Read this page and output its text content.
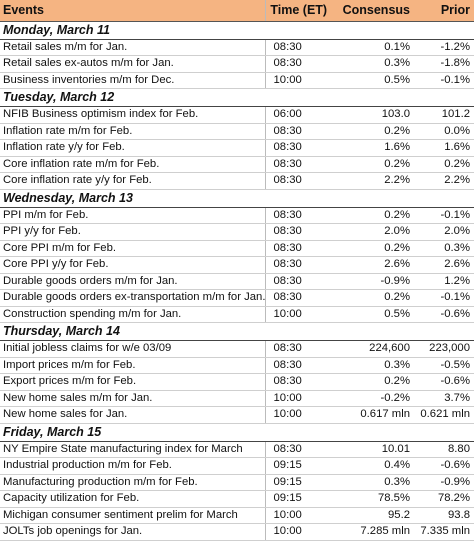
Events	Time (ET)	Consensus	Prior
Monday, March 11			
Retail sales m/m for Jan.	08:30	0.1%	-1.2%
Retail sales ex-autos m/m for Jan.	08:30	0.3%	-1.8%
Business inventories m/m for Dec.	10:00	0.5%	-0.1%
Tuesday, March 12			
NFIB Business optimism index for Feb.	06:00	103.0	101.2
Inflation rate m/m for Feb.	08:30	0.2%	0.0%
Inflation rate y/y for Feb.	08:30	1.6%	1.6%
Core inflation rate m/m for Feb.	08:30	0.2%	0.2%
Core inflation rate y/y for Feb.	08:30	2.2%	2.2%
Wednesday, March 13			
PPI m/m for Feb.	08:30	0.2%	-0.1%
PPI y/y for Feb.	08:30	2.0%	2.0%
Core PPI m/m for Feb.	08:30	0.2%	0.3%
Core PPI y/y for Feb.	08:30	2.6%	2.6%
Durable goods orders m/m for Jan.	08:30	-0.9%	1.2%
Durable goods orders ex-transportation m/m for Jan.	08:30	0.2%	-0.1%
Construction spending m/m for Jan.	10:00	0.5%	-0.6%
Thursday, March 14			
Initial jobless claims for w/e 03/09	08:30	224,600	223,000
Import prices m/m for Feb.	08:30	0.3%	-0.5%
Export prices m/m for Feb.	08:30	0.2%	-0.6%
New home sales m/m for Jan.	10:00	-0.2%	3.7%
New home sales for Jan.	10:00	0.617 mln	0.621 mln
Friday, March 15			
NY Empire State manufacturing index for March	08:30	10.01	8.80
Industrial production m/m for Feb.	09:15	0.4%	-0.6%
Manufacturing production m/m for Feb.	09:15	0.3%	-0.9%
Capacity utilization for Feb.	09:15	78.5%	78.2%
Michigan consumer sentiment prelim for March	10:00	95.2	93.8
JOLTs job openings for Jan.	10:00	7.285 mln	7.335 mln
